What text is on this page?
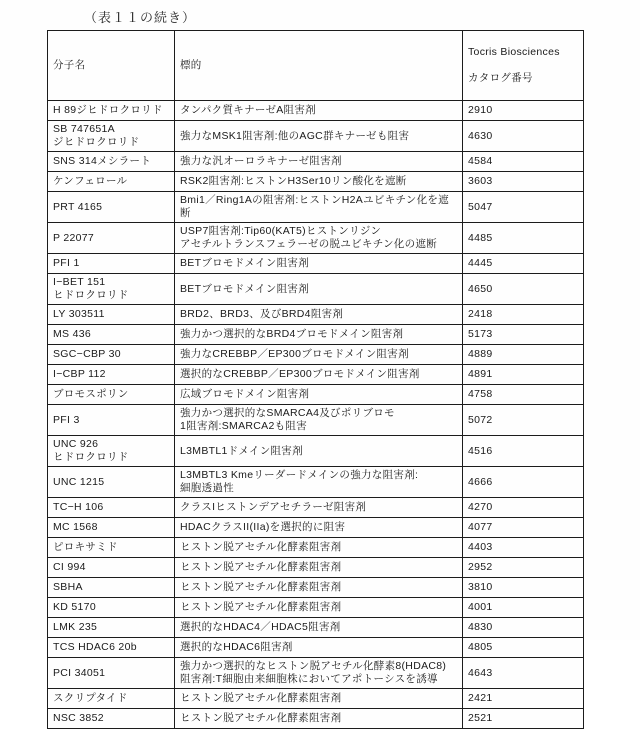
（表１１の続き）
分子名	標的	Tocris Biosciences

カタログ番号

H 89ジヒドロクロリド	タンパク質キナーゼA阻害剤	2910
SB 747651A
ジヒドロクロリド	強力なMSK1阻害剤:他のAGC群キナーゼも阻害	4630
SNS 314メシラート	強力な汎オーロラキナーゼ阻害剤	4584
ケンフェロール	RSK2阻害剤:ヒストンH3Ser10リン酸化を遮断	3603
PRT 4165	Bmi1／Ring1Aの阻害剤:ヒストンH2Aユビキチン化を遮断	5047
P 22077	USP7阻害剤:Tip60(KAT5)ヒストンリジン
アセチルトランスフェラーゼの脱ユビキチン化の遮断	4485
PFI 1	BETブロモドメイン阻害剤	4445
I−BET 151
ヒドロクロリド	BETブロモドメイン阻害剤	4650
LY 303511	BRD2、BRD3、及びBRD4阻害剤	2418
MS 436	強力かつ選択的なBRD4ブロモドメイン阻害剤	5173
SGC−CBP 30	強力なCREBBP／EP300ブロモドメイン阻害剤	4889
I−CBP 112	選択的なCREBBP／EP300ブロモドメイン阻害剤	4891
ブロモスポリン	広域ブロモドメイン阻害剤	4758
PFI 3	強力かつ選択的なSMARCA4及びポリブロモ
1阻害剤:SMARCA2も阻害	5072
UNC 926
ヒドロクロリド	L3MBTL1ドメイン阻害剤	4516
UNC 1215	L3MBTL3 Kmeリーダードメインの強力な阻害剤:
細胞透過性	4666
TC−H 106	クラスIヒストンデアセチラーゼ阻害剤	4270
MC 1568	HDACクラスII(IIa)を選択的に阻害	4077
ピロキサミド	ヒストン脱アセチル化酵素阻害剤	4403
CI 994	ヒストン脱アセチル化酵素阻害剤	2952
SBHA	ヒストン脱アセチル化酵素阻害剤	3810
KD 5170	ヒストン脱アセチル化酵素阻害剤	4001
LMK 235	選択的なHDAC4／HDAC5阻害剤	4830
TCS HDAC6 20b	選択的なHDAC6阻害剤	4805
PCI 34051	強力かつ選択的なヒストン脱アセチル化酵素8(HDAC8)
阻害剤:T細胞由来細胞株においてアポトーシスを誘導	4643
スクリプタイド	ヒストン脱アセチル化酵素阻害剤	2421
NSC 3852	ヒストン脱アセチル化酵素阻害剤	2521
